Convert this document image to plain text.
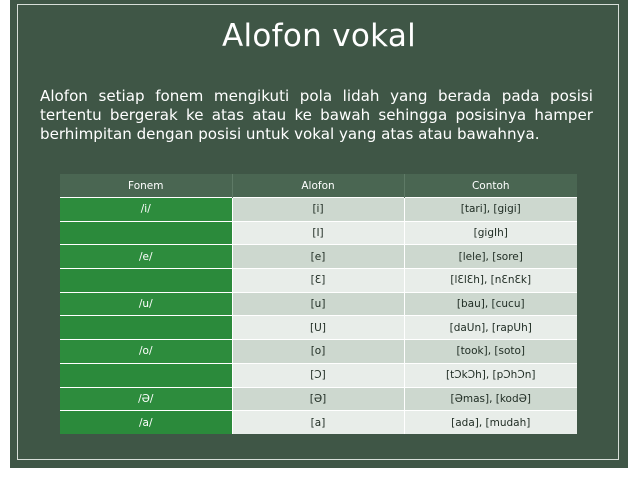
Alofon vokal
Alofon setiap fonem mengikuti pola lidah yang berada pada posisi tertentu bergerak ke atas atau ke bawah sehingga posisinya hamper berhimpitan dengan posisi untuk vokal yang atas atau bawahnya.
Fonem	Alofon	Contoh
/i/	[i]	[tari], [gigi]
	[I]	[gigIh]
/e/	[e]	[lele], [sore]
	[Ɛ]	[lƐlƐh], [nƐnƐk]
/u/	[u]	[bau], [cucu]
	[U]	[daUn], [rapUh]
/o/	[o]	[took], [soto]
	[Ͻ]	[tϽkϽh], [pϽhϽn]
/Ә/	[Ә]	[Әmas], [kodӘ]
/a/	[a]	[ada], [mudah]
